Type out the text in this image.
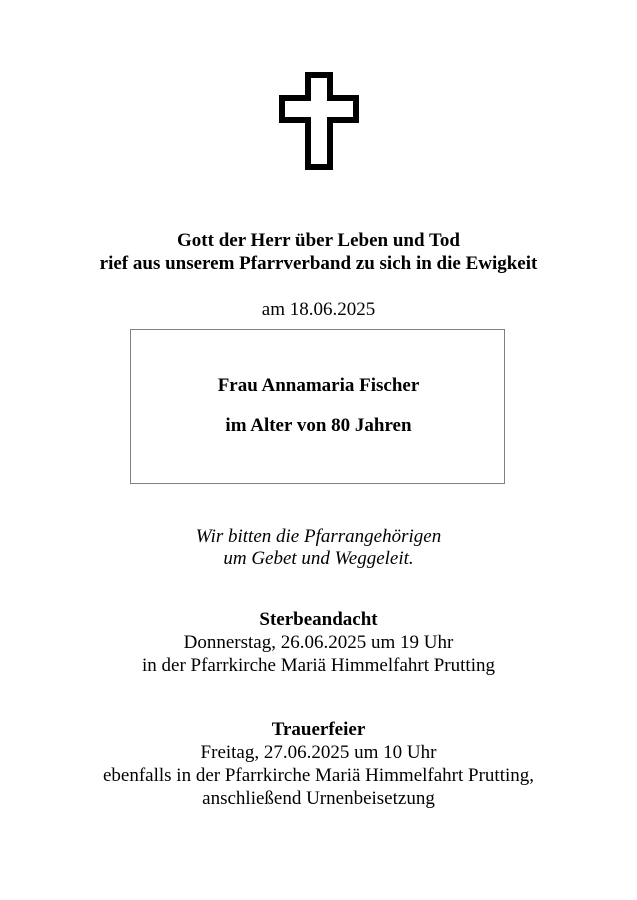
Gott der Herr über Leben und Tod
rief aus unserem Pfarrverband zu sich in die Ewigkeit
am 18.06.2025
Frau Annamaria Fischer
im Alter von 80 Jahren
Wir bitten die Pfarrangehörigen
um Gebet und Weggeleit.
Sterbeandacht
Donnerstag, 26.06.2025 um 19 Uhr
in der Pfarrkirche Mariä Himmelfahrt Prutting
Trauerfeier
Freitag, 27.06.2025 um 10 Uhr
ebenfalls in der Pfarrkirche Mariä Himmelfahrt Prutting,
anschließend Urnenbeisetzung
